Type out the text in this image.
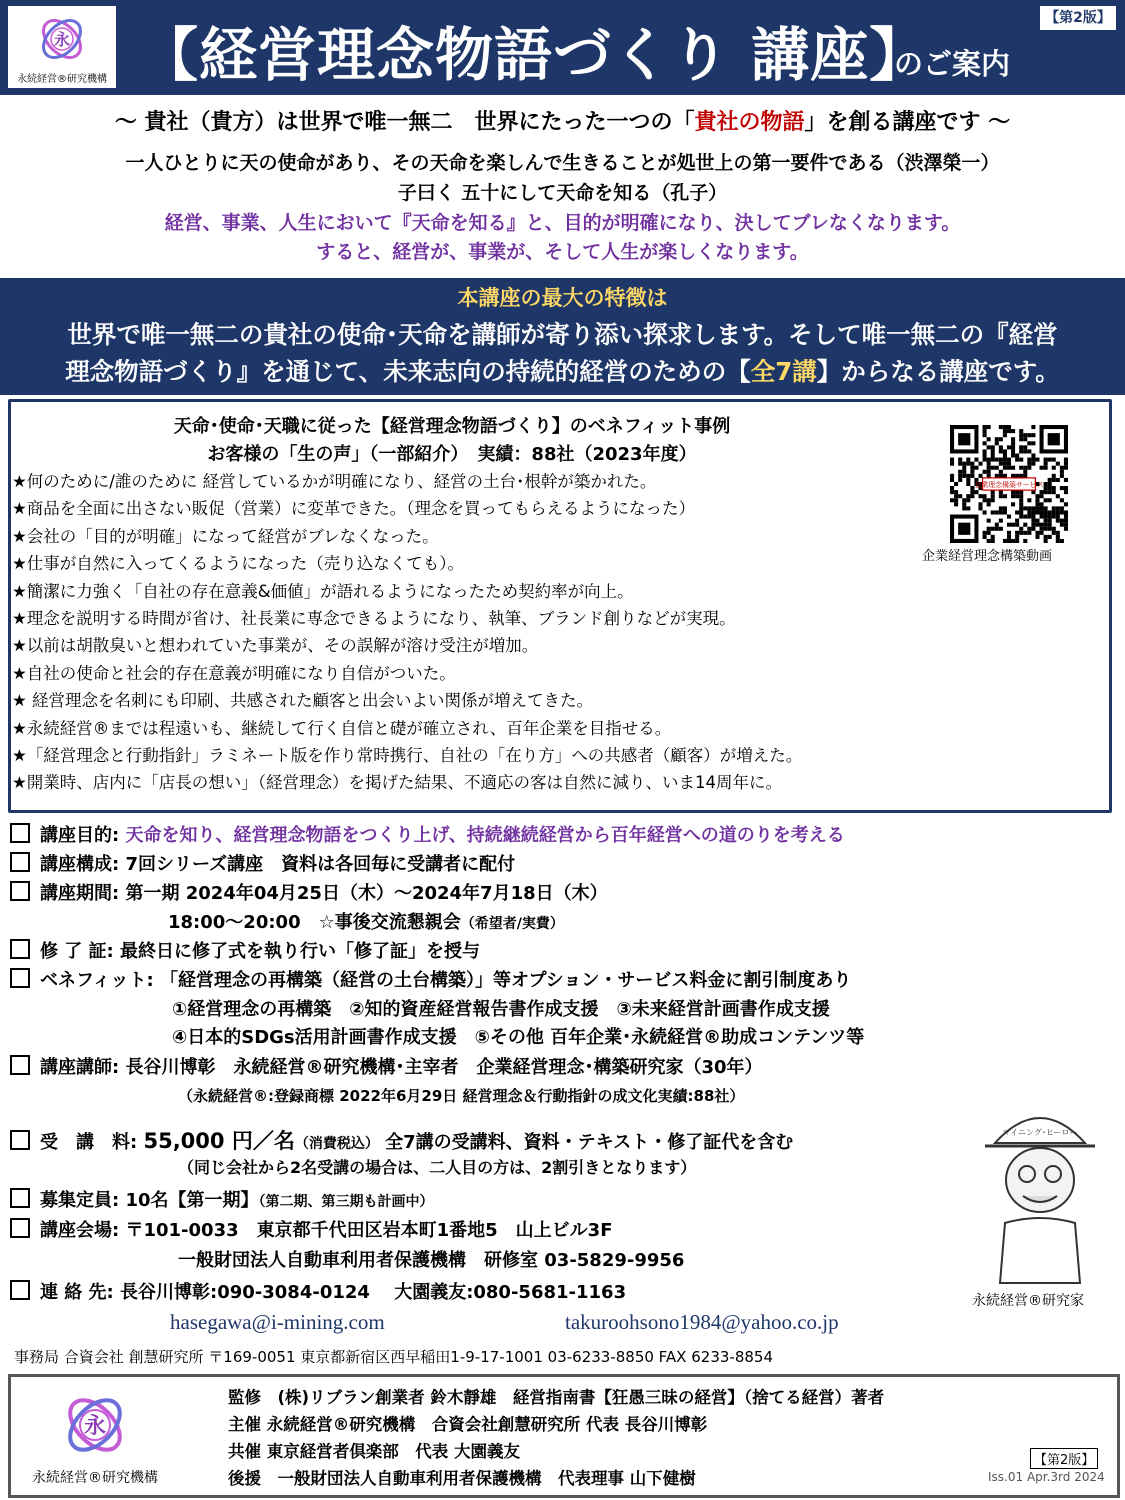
永
永続経営®研究機構 【経営理念物語づくり 講座】
のご案内
【第2版】
～ 貴社（貴方）は世界で唯一無二　世界にたった一つの「貴社の物語」を創る講座です ～
一人ひとりに天の使命があり、その天命を楽しんで生きることが処世上の第一要件である（渋澤榮一）
子曰く 五十にして天命を知る（孔子）
経営、事業、人生において『天命を知る』と、目的が明確になり、決してブレなくなります。
すると、経営が、事業が、そして人生が楽しくなります。
本講座の最大の特徴は
世界で唯一無二の貴社の使命･天命を講師が寄り添い探求します。そして唯一無二の『経営
理念物語づくり』を通じて、未来志向の持続的経営のための【全7講】からなる講座です。
天命･使命･天職に従った【経営理念物語づくり】のベネフィット事例
お客様の「生の声」（一部紹介）　実績：88社（2023年度）
企業理念構築サービス
企業経営理念構築動画
講座目的: 天命を知り、経営理念物語をつくり上げ、持続継続経営から百年経営への道のりを考える
講座構成: 7回シリーズ講座　資料は各回毎に受講者に配付
講座期間: 第一期 2024年04月25日（木）～2024年7月18日（木）
18:00～20:00　☆事後交流懇親会（希望者/実費）
修 了 証: 最終日に修了式を執り行い「修了証」を授与
ベネフィット: 「経営理念の再構築（経営の土台構築）」等オプション・サービス料金に割引制度あり
①経営理念の再構築　②知的資産経営報告書作成支援　③未来経営計画書作成支援
④日本的SDGs活用計画書作成支援　⑤その他 百年企業･永続経営®助成コンテンツ等
講座講師: 長谷川博彰　永続経営®研究機構･主宰者　企業経営理念･構築研究家（30年）
（永続経営®:登録商標 2022年6月29日 経営理念＆行動指針の成文化実績:88社）
受　講　料: 55,000 円／名（消費税込） 全7講の受講料、資料・テキスト・修了証代を含む
（同じ会社から2名受講の場合は、二人目の方は、2割引きとなります）
募集定員: 10名【第一期】（第二期、第三期も計画中）
講座会場: 〒101-0033　東京都千代田区岩本町1番地5　山上ビル3F
一般財団法人自動車利用者保護機構　研修室 03-5829-9956
連 絡 先: 長谷川博彰:090-3084-0124　 大園義友:080-5681-1163
hasegawa@i-mining.com	takuroohsono1984@yahoo.co.jp
マイニング･ヒーロー
永続経営®研究家
事務局 合資会社 創慧研究所 〒169-0051 東京都新宿区西早稲田1-9-17-1001 03-6233-8850 FAX 6233-8854
永
永続経営®研究機構
監修　(株)リブラン創業者 鈴木靜雄　経営指南書【狂愚三昧の経営】（捨てる経営）著者
主催 永続経営®研究機構　合資会社創慧研究所 代表 長谷川博彰
共催 東京経営者倶楽部　代表 大園義友
後援　一般財団法人自動車利用者保護機構　代表理事 山下健樹
【第2版】
Iss.01 Apr.3rd 2024
★何のために/誰のために 経営しているかが明確になり、経営の土台･根幹が築かれた。
★商品を全面に出さない販促（営業）に変革できた。（理念を買ってもらえるようになった）
★会社の「目的が明確」になって経営がブレなくなった。
★仕事が自然に入ってくるようになった（売り込なくても）。
★簡潔に力強く「自社の存在意義&価値」が語れるようになったため契約率が向上。
★理念を説明する時間が省け、社長業に専念できるようになり、執筆、ブランド創りなどが実現。
★以前は胡散臭いと想われていた事業が、その誤解が溶け受注が増加。
★自社の使命と社会的存在意義が明確になり自信がついた。
★ 経営理念を名刺にも印刷、共感された顧客と出会いよい関係が増えてきた。
★永続経営®までは程遠いも、継続して行く自信と礎が確立され、百年企業を目指せる。
★「経営理念と行動指針」ラミネート版を作り常時携行、自社の「在り方」への共感者（顧客）が増えた。
★開業時、店内に「店長の想い」（経営理念）を掲げた結果、不適応の客は自然に減り、いま14周年に。
